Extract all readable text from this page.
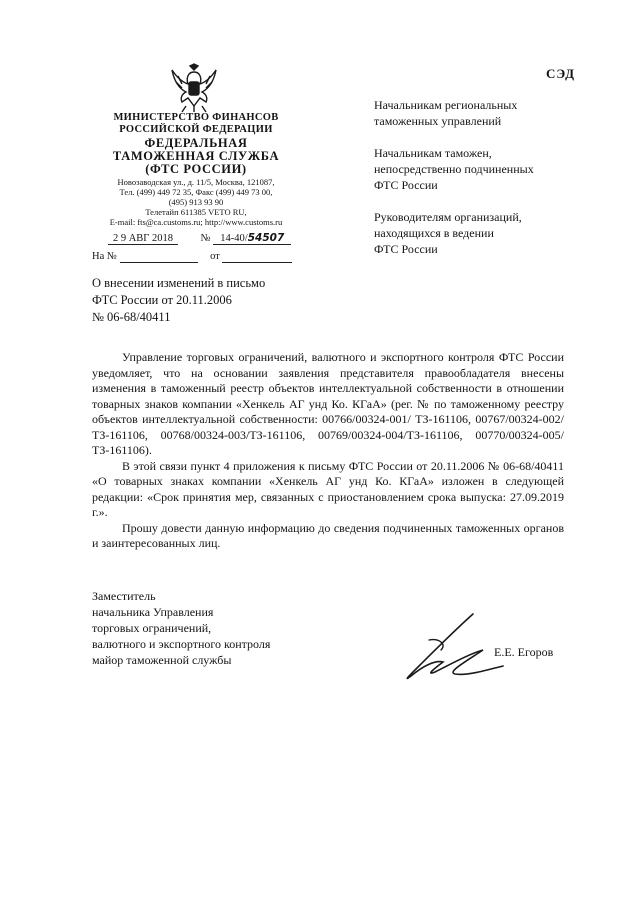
СЭД
МИНИСТЕРСТВО ФИНАНСОВ
РОССИЙСКОЙ ФЕДЕРАЦИИ
ФЕДЕРАЛЬНАЯ
ТАМОЖЕННАЯ СЛУЖБА
(ФТС РОССИИ)
Новозаводская ул., д. 11/5, Москва, 121087,
Тел. (499) 449 72 35, Факс (499) 449 73 00,
(495) 913 93 90
Телетайп 611385 VETO RU,
E-mail: fts@ca.customs.ru; http://www.customs.ru
2 9 АВГ 2018	№ 14-40/54507
На №	от
О внесении изменений в письмо
ФТС России от 20.11.2006
№ 06-68/40411
Начальникам региональных
таможенных управлений
Начальникам таможен,
непосредственно подчиненных
ФТС России
Руководителям организаций,
находящихся в ведении
ФТС России

Управление торговых ограничений, валютного и экспортного контроля ФТС России уведомляет, что на основании заявления представителя правообладателя внесены изменения в таможенный реестр объектов интеллектуальной собственности в отношении товарных знаков компании «Хенкель АГ унд Ко. КГаА» (рег. № по таможенному реестру объектов интеллектуальной собственности: 00766/00324-001/ ТЗ-161106, 00767/00324-002/ ТЗ-161106, 00768/00324-003/ТЗ-161106, 00769/00324-004/ТЗ-161106, 00770/00324-005/ ТЗ-161106).

В этой связи пункт 4 приложения к письму ФТС России от 20.11.2006 № 06-68/40411 «О товарных знаках компании «Хенкель АГ унд Ко. КГаА» изложен в следующей редакции: «Срок принятия мер, связанных с приостановлением срока выпуска: 27.09.2019 г.».

Прошу довести данную информацию до сведения подчиненных таможенных органов и заинтересованных лиц.

Заместитель
начальника Управления
торговых ограничений,
валютного и экспортного контроля
майор таможенной службы
Е.Е. Егоров
